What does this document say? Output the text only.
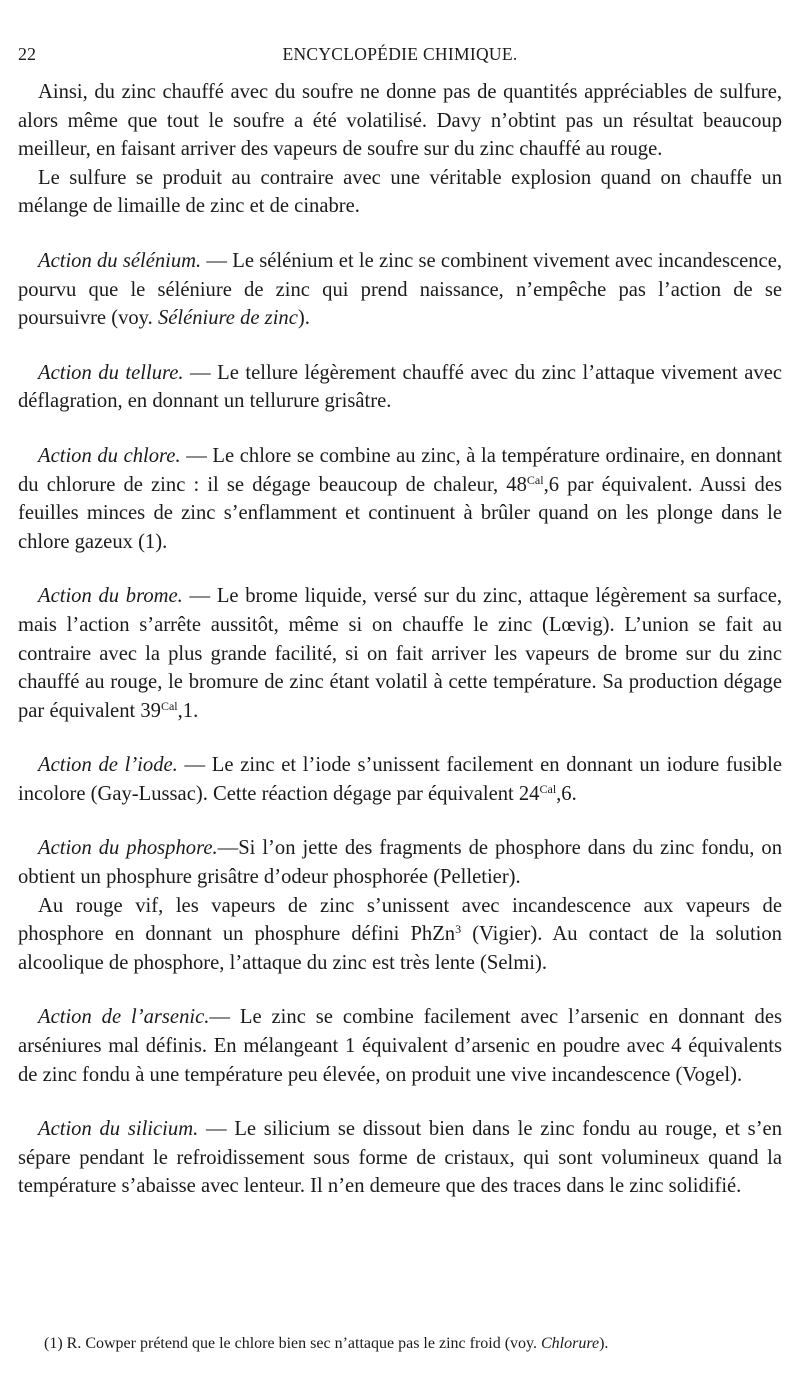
22	ENCYCLOPÉDIE CHIMIQUE.

Ainsi, du zinc chauffé avec du soufre ne donne pas de quantités appréciables de sulfure, alors même que tout le soufre a été volatilisé. Davy n’obtint pas un résultat beaucoup meilleur, en faisant arriver des vapeurs de soufre sur du zinc chauffé au rouge.

Le sulfure se produit au contraire avec une véritable explosion quand on chauffe un mélange de limaille de zinc et de cinabre.

Action du sélénium. — Le sélénium et le zinc se combinent vivement avec incandescence, pourvu que le séléniure de zinc qui prend naissance, n’empêche pas l’action de se poursuivre (voy. Séléniure de zinc).

Action du tellure. — Le tellure légèrement chauffé avec du zinc l’attaque vivement avec déflagration, en donnant un tellurure grisâtre.

Action du chlore. — Le chlore se combine au zinc, à la température ordinaire, en donnant du chlorure de zinc : il se dégage beaucoup de chaleur, $48^{Cal},6$ par équivalent. Aussi des feuilles minces de zinc s’enflamment et continuent à brûler quand on les plonge dans le chlore gazeux (1).

Action du brome. — Le brome liquide, versé sur du zinc, attaque légèrement sa surface, mais l’action s’arrête aussitôt, même si on chauffe le zinc (Lœvig). L’union se fait au contraire avec la plus grande facilité, si on fait arriver les vapeurs de brome sur du zinc chauffé au rouge, le bromure de zinc étant volatil à cette température. Sa production dégage par équivalent $39^{Cal},1$.

Action de l’iode. — Le zinc et l’iode s’unissent facilement en donnant un iodure fusible incolore (Gay-Lussac). Cette réaction dégage par équivalent $24^{Cal},6$.

Action du phosphore.—Si l’on jette des fragments de phosphore dans du zinc fondu, on obtient un phosphure grisâtre d’odeur phosphorée (Pelletier).

Au rouge vif, les vapeurs de zinc s’unissent avec incandescence aux vapeurs de phosphore en donnant un phosphure défini PhZn$^3$ (Vigier). Au contact de la solution alcoolique de phosphore, l’attaque du zinc est très lente (Selmi).

Action de l’arsenic.— Le zinc se combine facilement avec l’arsenic en donnant des arséniures mal définis. En mélangeant 1 équivalent d’arsenic en poudre avec 4 équivalents de zinc fondu à une température peu élevée, on produit une vive incandescence (Vogel).

Action du silicium. — Le silicium se dissout bien dans le zinc fondu au rouge, et s’en sépare pendant le refroidissement sous forme de cristaux, qui sont volumineux quand la température s’abaisse avec lenteur. Il n’en demeure que des traces dans le zinc solidifié.

(1) R. Cowper prétend que le chlore bien sec n’attaque pas le zinc froid (voy. Chlorure).
